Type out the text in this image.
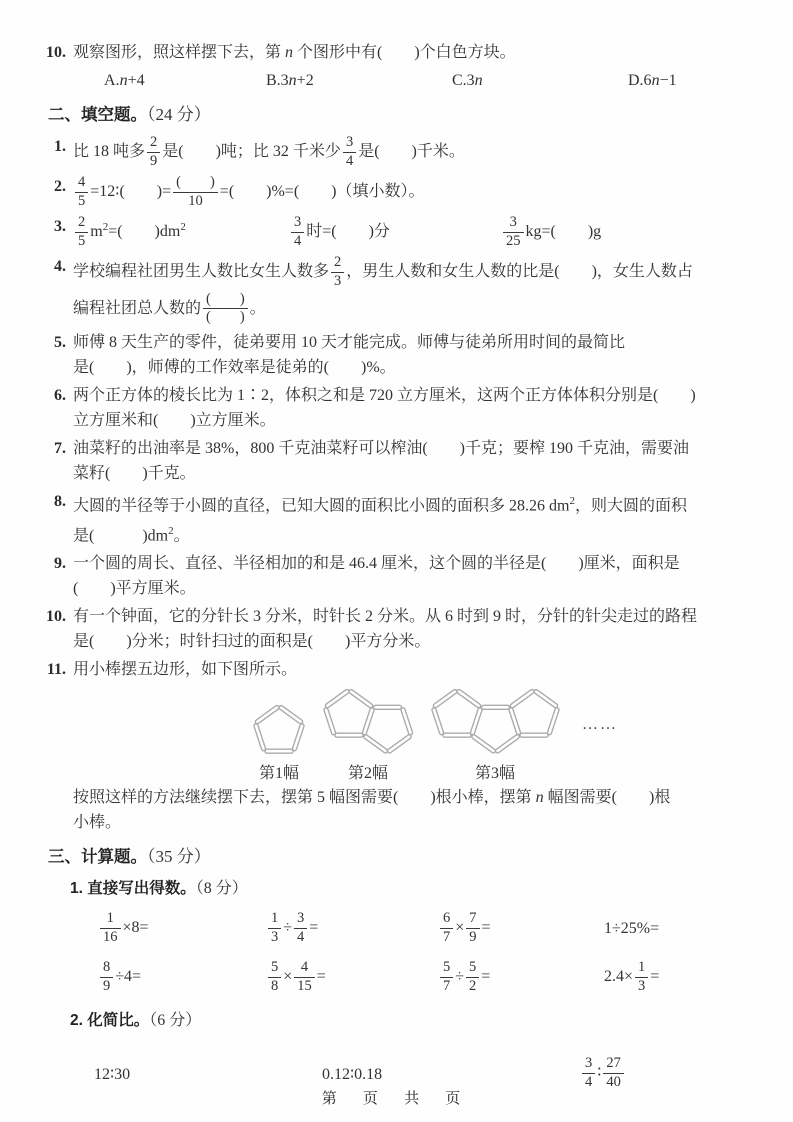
10. 观察图形，照这样摆下去，第 n 个图形中有(　　)个白色方块。
A.n+4	B.3n+2	C.3n	D.6n−1
二、填空题。（24 分）
1. 比 18 吨多 $\frac{2}{9}$ 是(　　)吨；比 32 千米少 $\frac{3}{4}$ 是(　　)千米。
2. $\frac{4}{5}$ =12∶(　　)=
(　　)
10
=(　　)%=(　　)（填小数）。
3. $\frac{2}{5} m^2=$(　　)$dm^2$	$\frac{3}{4}$ 时=(　　)分	$\frac{3}{25} kg=$(　　)g
4. 学校编程社团男生人数比女生人数多 $\frac{2}{3}$ ，男生人数和女生人数的比是(　　)，女生人数占
编程社团总人数的
(　　)
(　　)
。
5. 师傅 8 天生产的零件，徒弟要用 10 天才能完成。师傅与徒弟所用时间的最简比
是(　　)，师傅的工作效率是徒弟的(　　)%。
6. 两个正方体的棱长比为 1∶2，体积之和是 720 立方厘米，这两个正方体体积分别是(　　)
立方厘米和(　　)立方厘米。
7. 油菜籽的出油率是 38%，800 千克油菜籽可以榨油(　　)千克；要榨 190 千克油，需要油
菜籽(　　)千克。
8. 大圆的半径等于小圆的直径，已知大圆的面积比小圆的面积多 28.26 $dm^2$，则大圆的面积
是(　　　)$dm^2$。
9. 一个圆的周长、直径、半径相加的和是 46.4 厘米，这个圆的半径是(　　)厘米，面积是
(　　)平方厘米。
10. 有一个钟面，它的分针长 3 分米，时针长 2 分米。从 6 时到 9 时，分针的针尖走过的路程
是(　　)分米；时针扫过的面积是(　　)平方分米。
11. 用小棒摆五边形，如下图所示。
第1幅	第2幅	第3幅
……
按照这样的方法继续摆下去，摆第 5 幅图需要(　　)根小棒，摆第 n 幅图需要(　　)根
小棒。
三、计算题。（35 分）
1. 直接写出得数。（8 分）
$\frac{1}{16} \times 8=$	$\frac{1}{3} \div \frac{3}{4}$ =	$\frac{6}{7} \times \frac{7}{9}$ =	1÷25%=
$\frac{8}{9} \div 4=$	$\frac{5}{8} \times \frac{4}{15}$ =	$\frac{5}{7} \div \frac{5}{2}$ =	$2.4\times \frac{1}{3}$ =
2. 化简比。（6 分）
12∶30	0.12∶0.18	$\frac{3}{4}$ ∶ $\frac{27}{40}$
第 页 共 页
